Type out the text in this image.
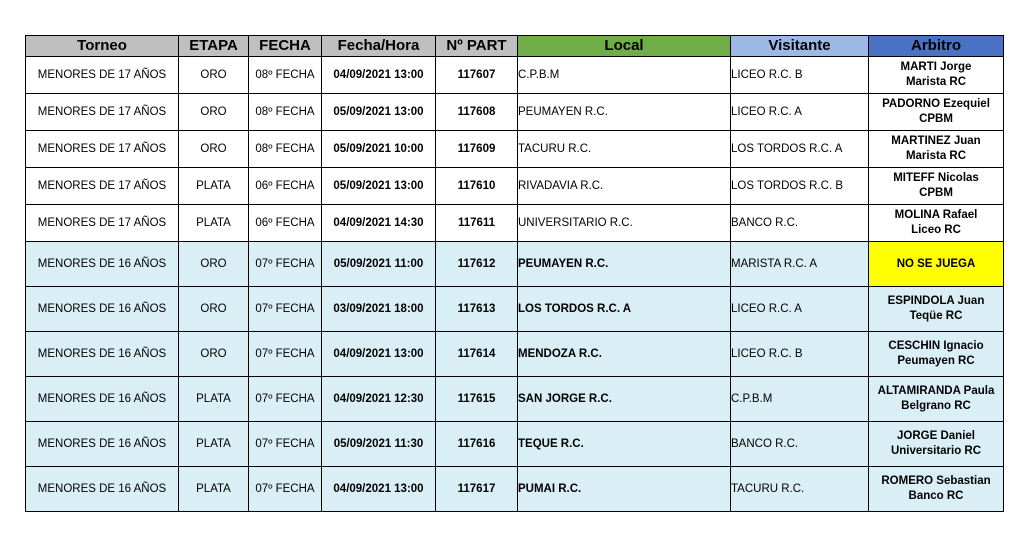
Torneo	ETAPA	FECHA	Fecha/Hora	Nº PART	Local	Visitante	Arbitro
MENORES DE 17 AÑOS	ORO	08º FECHA	04/09/2021 13:00	117607	C.P.B.M	LICEO R.C. B	MARTI Jorge
Marista RC

MENORES DE 17 AÑOS	ORO	08º FECHA	05/09/2021 13:00	117608	PEUMAYEN R.C.	LICEO R.C. A	PADORNO Ezequiel
CPBM

MENORES DE 17 AÑOS	ORO	08º FECHA	05/09/2021 10:00	117609	TACURU R.C.	LOS TORDOS R.C. A	MARTINEZ Juan
Marista RC

MENORES DE 17 AÑOS	PLATA	06º FECHA	05/09/2021 13:00	117610	RIVADAVIA R.C.	LOS TORDOS R.C. B	MITEFF Nicolas
CPBM

MENORES DE 17 AÑOS	PLATA	06º FECHA	04/09/2021 14:30	117611	UNIVERSITARIO R.C.	BANCO R.C.	MOLINA Rafael
Liceo RC

MENORES DE 16 AÑOS	ORO	07º FECHA	05/09/2021 11:00	117612	PEUMAYEN R.C.	MARISTA R.C. A	NO SE JUEGA

MENORES DE 16 AÑOS	ORO	07º FECHA	03/09/2021 18:00	117613	LOS TORDOS R.C. A	LICEO R.C. A	ESPINDOLA Juan
Teqüe RC

MENORES DE 16 AÑOS	ORO	07º FECHA	04/09/2021 13:00	117614	MENDOZA R.C.	LICEO R.C. B	CESCHIN Ignacio
Peumayen RC

MENORES DE 16 AÑOS	PLATA	07º FECHA	04/09/2021 12:30	117615	SAN JORGE R.C.	C.P.B.M	ALTAMIRANDA Paula
Belgrano RC

MENORES DE 16 AÑOS	PLATA	07º FECHA	05/09/2021 11:30	117616	TEQUE R.C.	BANCO R.C.	JORGE Daniel
Universitario RC

MENORES DE 16 AÑOS	PLATA	07º FECHA	04/09/2021 13:00	117617	PUMAI R.C.	TACURU R.C.	ROMERO Sebastian
Banco RC
